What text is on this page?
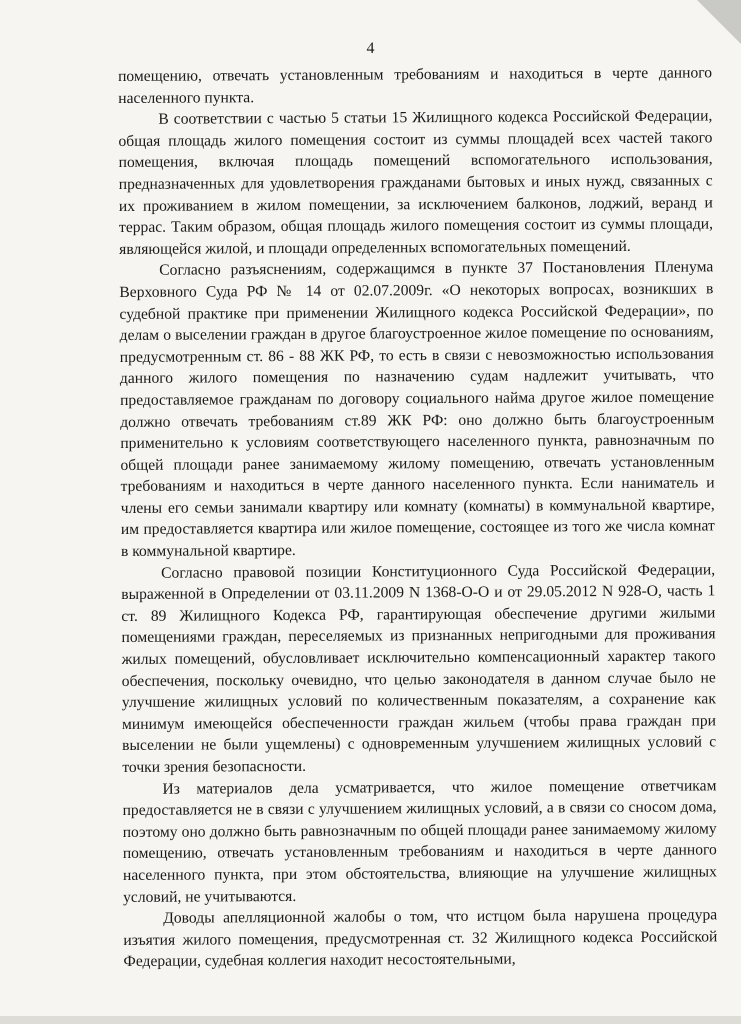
4

помещению, отвечать установленным требованиям и находиться в черте данного населенного пункта.

В соответствии с частью 5 статьи 15 Жилищного кодекса Российской Федерации, общая площадь жилого помещения состоит из суммы площадей всех частей такого помещения, включая площадь помещений вспомогательного использования, предназначенных для удовлетворения гражданами бытовых и иных нужд, связанных с их проживанием в жилом помещении, за исключением балконов, лоджий, веранд и террас. Таким образом, общая площадь жилого помещения состоит из суммы площади, являющейся жилой, и площади определенных вспомогательных помещений.

Согласно разъяснениям, содержащимся в пункте 37 Постановления Пленума Верховного Суда РФ № 14 от 02.07.2009г. «О некоторых вопросах, возникших в судебной практике при применении Жилищного кодекса Российской Федерации», по делам о выселении граждан в другое благоустроенное жилое помещение по основаниям, предусмотренным ст. 86 - 88 ЖК РФ, то есть в связи с невозможностью использования данного жилого помещения по назначению судам надлежит учитывать, что предоставляемое гражданам по договору социального найма другое жилое помещение должно отвечать требованиям ст.89 ЖК РФ: оно должно быть благоустроенным применительно к условиям соответствующего населенного пункта, равнозначным по общей площади ранее занимаемому жилому помещению, отвечать установленным требованиям и находиться в черте данного населенного пункта. Если наниматель и члены его семьи занимали квартиру или комнату (комнаты) в коммунальной квартире, им предоставляется квартира или жилое помещение, состоящее из того же числа комнат в коммунальной квартире.

Согласно правовой позиции Конституционного Суда Российской Федерации, выраженной в Определении от 03.11.2009 N 1368-О-О и от 29.05.2012 N 928-О, часть 1 ст. 89 Жилищного Кодекса РФ, гарантирующая обеспечение другими жилыми помещениями граждан, переселяемых из признанных непригодными для проживания жилых помещений, обусловливает исключительно компенсационный характер такого обеспечения, поскольку очевидно, что целью законодателя в данном случае было не улучшение жилищных условий по количественным показателям, а сохранение как минимум имеющейся обеспеченности граждан жильем (чтобы права граждан при выселении не были ущемлены) с одновременным улучшением жилищных условий с точки зрения безопасности.

Из материалов дела усматривается, что жилое помещение ответчикам предоставляется не в связи с улучшением жилищных условий, а в связи со сносом дома, поэтому оно должно быть равнозначным по общей площади ранее занимаемому жилому помещению, отвечать установленным требованиям и находиться в черте данного населенного пункта, при этом обстоятельства, влияющие на улучшение жилищных условий, не учитываются.

Доводы апелляционной жалобы о том, что истцом была нарушена процедура изъятия жилого помещения, предусмотренная ст. 32 Жилищного кодекса Российской Федерации, судебная коллегия находит несостоятельными,
